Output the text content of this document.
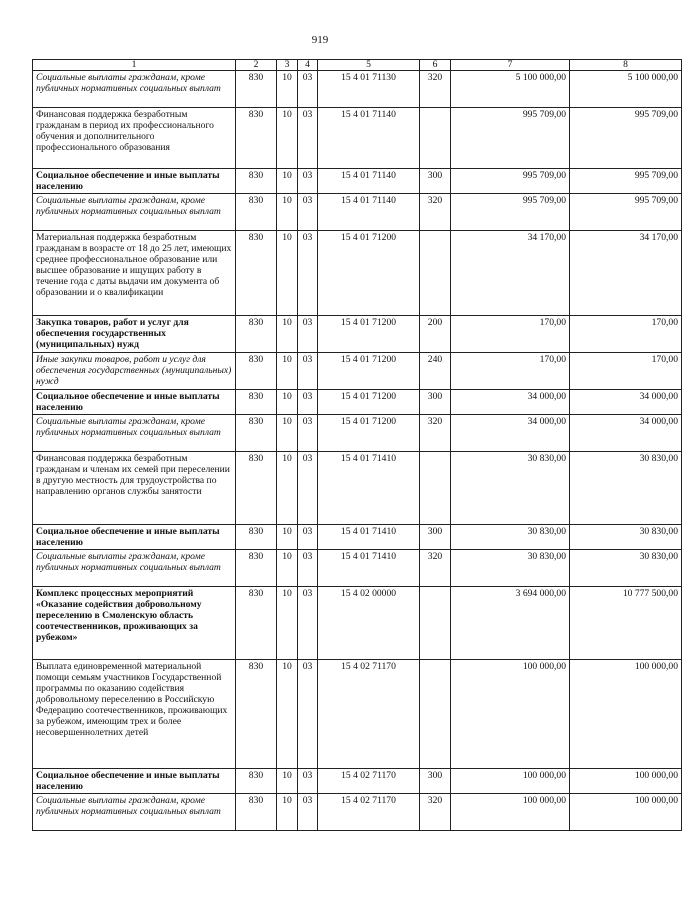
919
1	2	3	4	5	6	7	8
Социальные выплаты гражданам, кроме публичных нормативных социальных выплат	830	10	03	15 4 01 71130	320	5 100 000,00	5 100 000,00
Финансовая поддержка безработным гражданам в период их профессионального обучения и дополнительного профессионального образования	830	10	03	15 4 01 71140		995 709,00	995 709,00
Социальное обеспечение и иные выплаты населению	830	10	03	15 4 01 71140	300	995 709,00	995 709,00
Социальные выплаты гражданам, кроме публичных нормативных социальных выплат	830	10	03	15 4 01 71140	320	995 709,00	995 709,00
Материальная поддержка безработным гражданам в возрасте от 18 до 25 лет, имеющих среднее профессиональное образование или высшее образование и ищущих работу в течение года с даты выдачи им документа об образовании и о квалификации	830	10	03	15 4 01 71200		34 170,00	34 170,00
Закупка товаров, работ и услуг для обеспечения государственных (муниципальных) нужд	830	10	03	15 4 01 71200	200	170,00	170,00
Иные закупки товаров, работ и услуг для обеспечения государственных (муниципальных) нужд	830	10	03	15 4 01 71200	240	170,00	170,00
Социальное обеспечение и иные выплаты населению	830	10	03	15 4 01 71200	300	34 000,00	34 000,00
Социальные выплаты гражданам, кроме публичных нормативных социальных выплат	830	10	03	15 4 01 71200	320	34 000,00	34 000,00
Финансовая поддержка безработным гражданам и членам их семей при переселении в другую местность для трудоустройства по направлению органов службы занятости	830	10	03	15 4 01 71410		30 830,00	30 830,00
Социальное обеспечение и иные выплаты населению	830	10	03	15 4 01 71410	300	30 830,00	30 830,00
Социальные выплаты гражданам, кроме публичных нормативных социальных выплат	830	10	03	15 4 01 71410	320	30 830,00	30 830,00
Комплекс процессных мероприятий «Оказание содействия добровольному переселению в Смоленскую область соотечественников, проживающих за рубежом»	830	10	03	15 4 02 00000		3 694 000,00	10 777 500,00
Выплата единовременной материальной помощи семьям участников Государственной программы по оказанию содействия добровольному переселению в Российскую Федерацию соотечественников, проживающих за рубежом, имеющим трех и более несовершеннолетних детей	830	10	03	15 4 02 71170		100 000,00	100 000,00
Социальное обеспечение и иные выплаты населению	830	10	03	15 4 02 71170	300	100 000,00	100 000,00
Социальные выплаты гражданам, кроме публичных нормативных социальных выплат	830	10	03	15 4 02 71170	320	100 000,00	100 000,00
